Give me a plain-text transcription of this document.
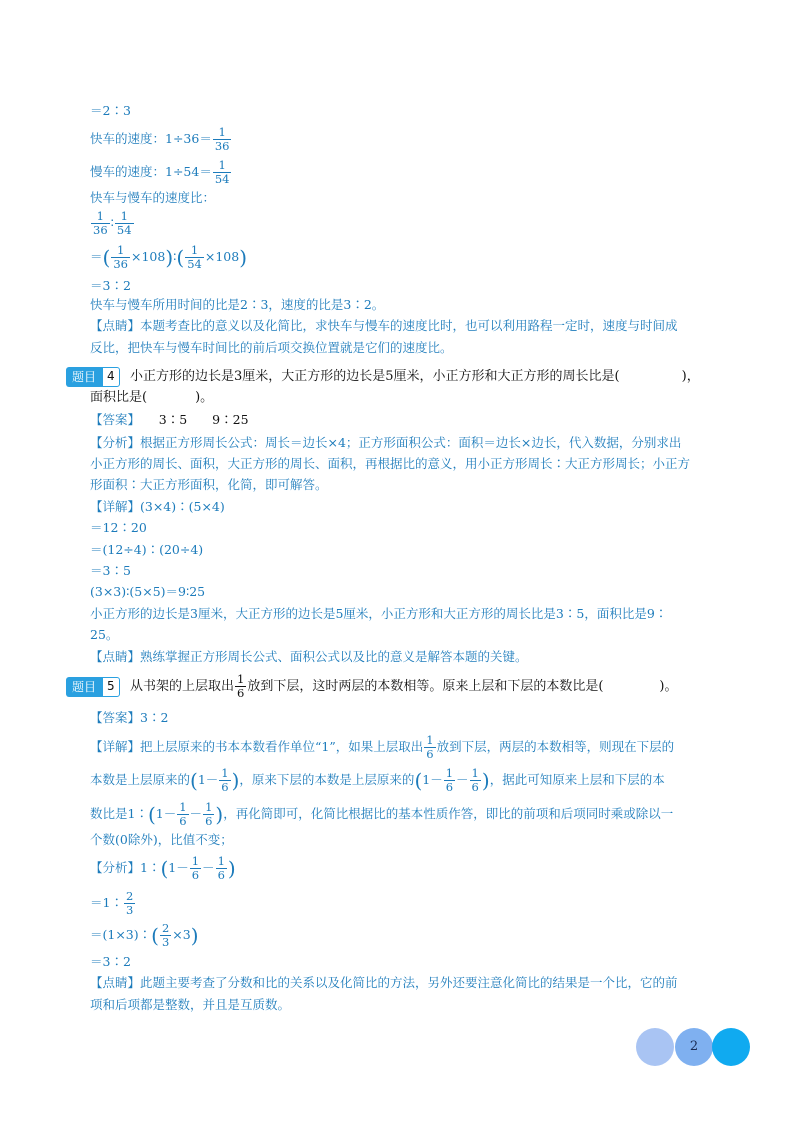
＝2∶3
快车的速度：$1\div 36= \frac{1}{36}$
慢车的速度：$1\div 54= \frac{1}{54}$
快车与慢车的速度比：
$\frac{1}{36}$ ∶ $\frac{1}{54}$
＝( $\frac{1}{36}$ ×108)∶( $\frac{1}{54} \times 108$)
＝3∶2
快车与慢车所用时间的比是2∶3，速度的比是3∶2。
【点睛】本题考查比的意义以及化简比，求快车与慢车的速度比时，也可以利用路程一定时，速度与时间成
反比，把快车与慢车时间比的前后项交换位置就是它们的速度比。
题目 4	小正方形的边长是3厘米，大正方形的边长是5厘米，小正方形和大正方形的周长比是(	)，
面积比是(	)。
【答案】　　3∶5　　9∶25
【分析】根据正方形周长公式：周长＝边长×4；正方形面积公式：面积＝边长×边长，代入数据，分别求出
小正方形的周长、面积，大正方形的周长、面积，再根据比的意义，用小正方形周长∶大正方形周长；小正方
形面积∶大正方形面积，化简，即可解答。
【详解】(3×4)∶(5×4)
＝12∶20
＝(12÷4)∶(20÷4)
＝3∶5
(3×3)∶(5×5)＝9∶25
小正方形的边长是3厘米，大正方形的边长是5厘米，小正方形和大正方形的周长比是3∶5，面积比是9∶
25。
【点睛】熟练掌握正方形周长公式、面积公式以及比的意义是解答本题的关键。
题目 5	从书架的上层取出 $\frac{1}{6}$ 放到下层，这时两层的本数相等。原来上层和下层的本数比是(	)。
【答案】3∶2
【详解】把上层原来的书本本数看作单位“1”，如果上层取出 $\frac{1}{6}$ 放到下层，两层的本数相等，则现在下层的
本数是上层原来的($1- \frac{1}{6}$ )，原来下层的本数是上层原来的($1- \frac{1}{6} - \frac{1}{6}$ )，据此可知原来上层和下层的本
数比是1∶(1－ $\frac{1}{6} - \frac{1}{6}$ )，再化简即可，化简比根据比的基本性质作答，即比的前项和后项同时乘或除以一
个数(0除外)，比值不变；
【分析】1∶(1－ $\frac{1}{6} - \frac{1}{6}$ )
＝1∶ $\frac{2}{3}$
＝(1×3)∶( $\frac{2}{3} \times 3$)
＝3∶2
【点睛】此题主要考查了分数和比的关系以及化简比的方法，另外还要注意化简比的结果是一个比，它的前
项和后项都是整数，并且是互质数。
2
